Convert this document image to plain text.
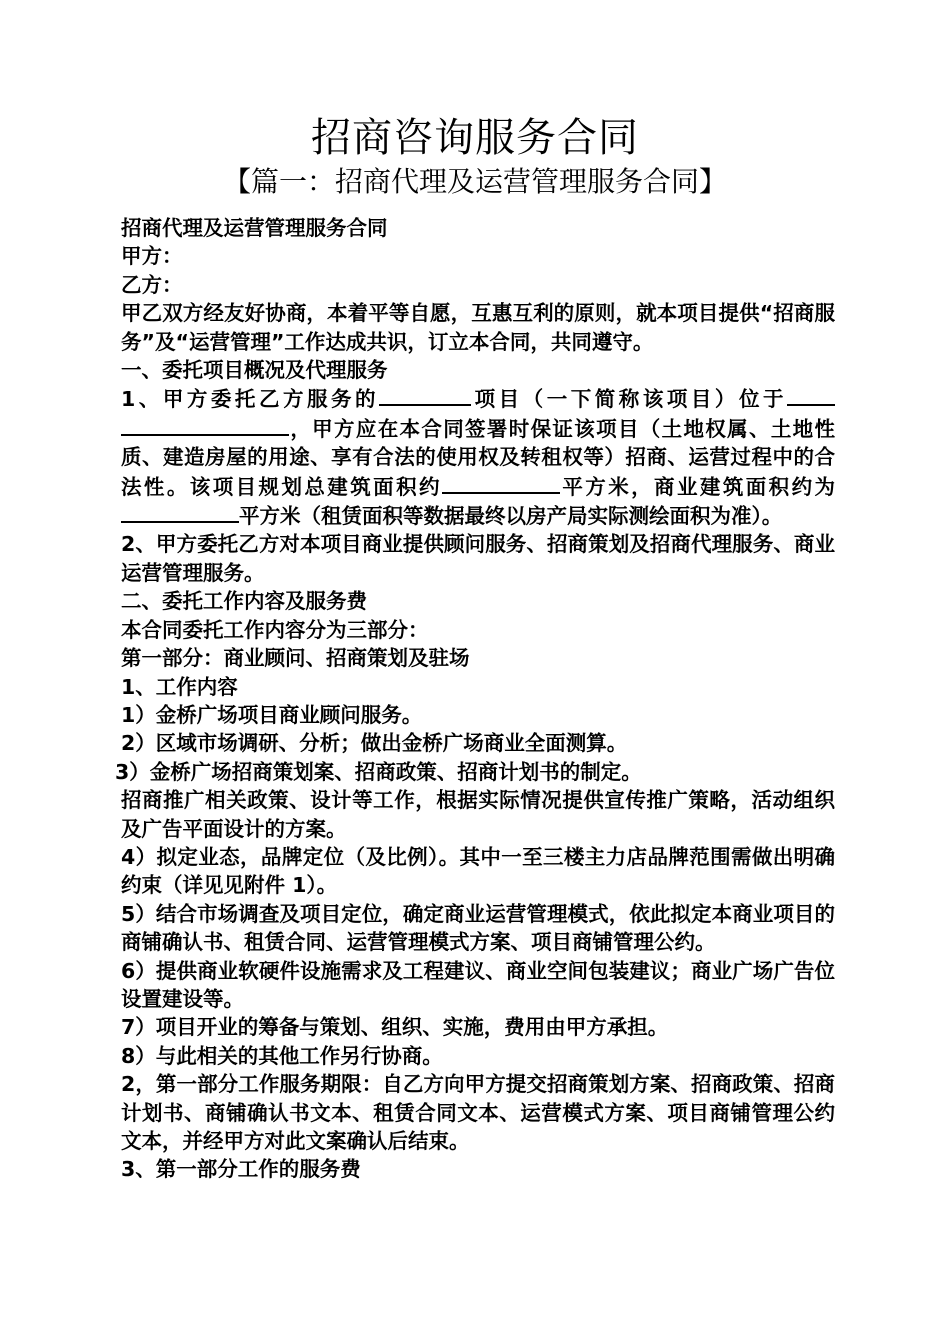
招商咨询服务合同
【篇一：招商代理及运营管理服务合同】

招商代理及运营管理服务合同

甲方：

乙方：

甲乙双方经友好协商，本着平等自愿，互惠互利的原则，就本项目提供“招商服务”及“运营管理”工作达成共识，订立本合同，共同遵守。

一、委托项目概况及代理服务

1、甲方委托乙方服务的	项目（一下简称该项目）位于，甲方应在本合同签署时保证该项目（土地权属、土地性质、建造房屋的用途、享有合法的使用权及转租权等）招商、运营过程中的合法性。该项目规划总建筑面积约	平方米，商业建筑面积约为平方米（租赁面积等数据最终以房产局实际测绘面积为准）。

2、甲方委托乙方对本项目商业提供顾问服务、招商策划及招商代理服务、商业运营管理服务。

二、委托工作内容及服务费

本合同委托工作内容分为三部分：

第一部分：商业顾问、招商策划及驻场

1、工作内容

1）金桥广场项目商业顾问服务。

2）区域市场调研、分析；做出金桥广场商业全面测算。

3）金桥广场招商策划案、招商政策、招商计划书的制定。

招商推广相关政策、设计等工作，根据实际情况提供宣传推广策略，活动组织及广告平面设计的方案。

4）拟定业态，品牌定位（及比例）。其中一至三楼主力店品牌范围需做出明确约束（详见见附件 1）。

5）结合市场调查及项目定位，确定商业运营管理模式，依此拟定本商业项目的商铺确认书、租赁合同、运营管理模式方案、项目商铺管理公约。

6）提供商业软硬件设施需求及工程建议、商业空间包装建议；商业广场广告位设置建设等。

7）项目开业的筹备与策划、组织、实施，费用由甲方承担。

8）与此相关的其他工作另行协商。

2，第一部分工作服务期限：自乙方向甲方提交招商策划方案、招商政策、招商计划书、商铺确认书文本、租赁合同文本、运营模式方案、项目商铺管理公约文本，并经甲方对此文案确认后结束。

3、第一部分工作的服务费
